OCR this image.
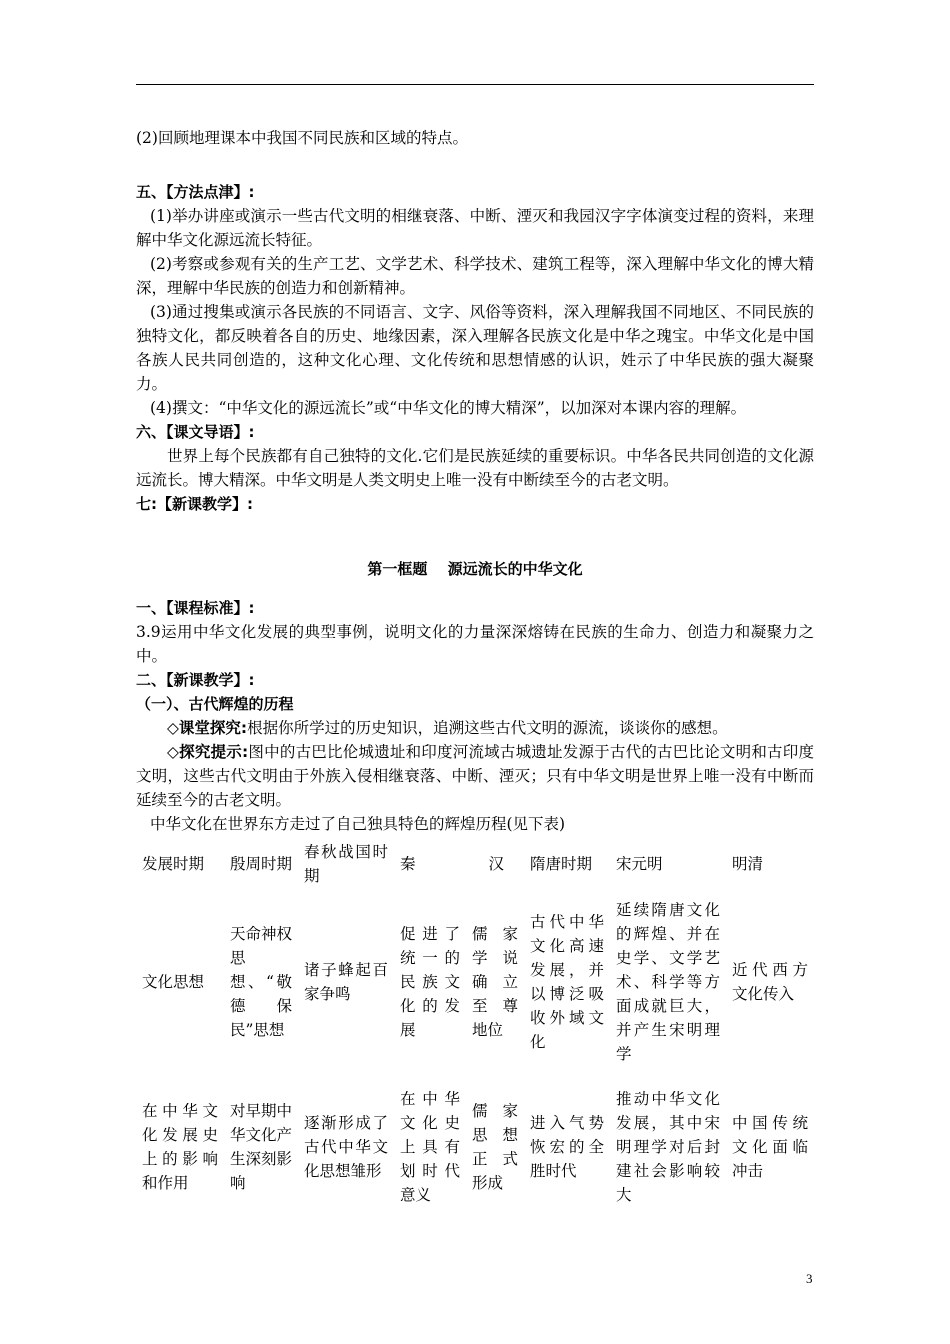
(2)回顾地理课本中我国不同民族和区域的特点。

五、【方法点津】:

(1)举办讲座或演示一些古代文明的相继衰落、中断、湮灭和我园汉字字体演变过程的资料，来理解中华文化源远流长特征。

(2)考察或参观有关的生产工艺、文学艺术、科学技术、建筑工程等，深入理解中华文化的博大精深，理解中华民族的创造力和创新精神。

(3)通过搜集或演示各民族的不同语言、文字、风俗等资料，深入理解我国不同地区、不同民族的独特文化，都反映着各自的历史、地缘因素，深入理解各民族文化是中华之瑰宝。中华文化是中国各族人民共同创造的，这种文化心理、文化传统和思想情感的认识，姓示了中华民族的强大凝聚力。

(4)撰文：“中华文化的源远流长”或“中华文化的博大精深”，以加深对本课内容的理解。

六、【课文导语】:

世界上每个民族都有自己独特的文化.它们是民族延续的重要标识。中华各民共同创造的文化源远流长。博大精深。中华文明是人类文明史上唯一没有中断续至今的古老文明。

七:【新课教学】:

第一框题　 源远流长的中华文化

一、【课程标准】:

3.9运用中华文化发展的典型事例，说明文化的力量深深熔铸在民族的生命力、创造力和凝聚力之中。

二、【新课教学】:

（一）、古代辉煌的历程

◇课堂探究:根据你所学过的历史知识，追溯这些古代文明的源流，谈谈你的感想。

◇探究提示:图中的古巴比伦城遗址和印度河流域古城遗址发源于古代的古巴比论文明和古印度文明，这些古代文明由于外族入侵相继衰落、中断、湮灭；只有中华文明是世界上唯一没有中断而延续至今的古老文明。

中华文化在世界东方走过了自己独具特色的辉煌历程(见下表)

发展时期	殷周时期	春秋战国时期	秦	汉	隋唐时期	宋元明	明清
文化思想	天命神权思想、“敬德保民”思想	诸子蜂起百家争鸣	促进了统一的民族文化的发展	儒家学说确立至尊地位	古代中华文化高速发展，并以博泛吸收外域文化	延续隋唐文化的辉煌、并在史学、文学艺术、科学等方面成就巨大，并产生宋明理学	近代西方文化传入
在中华文化发展史上的影响和作用	对早期中华文化产生深刻影响	逐渐形成了古代中华文化思想雏形	在中华文化史上具有划时代意义	儒家思想正式形成	进入气势恢宏的全胜时代	推动中华文化发展，其中宋明理学对后封建社会影响较大	中国传统文化面临冲击
3
